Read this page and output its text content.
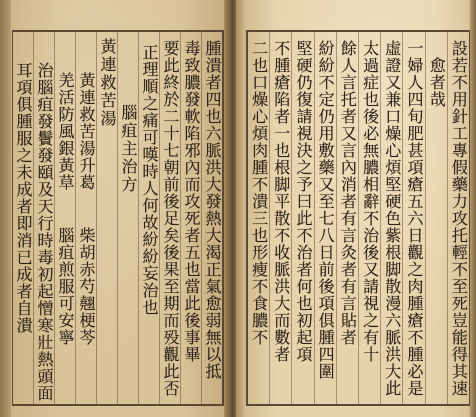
腫潰者四也六脈洪大發熱大渴正氣愈弱無以抵
毒致膿發軟陷邪內而攻死者五也當此後事畢
要此終於二十七朝前後足矣後果至期而殁觀此否
正理順之痛可嘆時人何故紛紛妄治也
腦疽主治方
黃連救苦湯
黃連救苦湯升葛
柴胡赤芍翹梗芩
羌活防風銀黃草
腦疽煎服可安寧
治腦疽發鬢發頤及天行時毒初起憎寒壯熱頭面
耳項俱腫服之未成者即消已成者自潰	設若不用針工專假藥力攻托輕不至死豈能得其速
愈者哉
一婦人四旬肥甚項瘡五六日觀之肉腫瘡不腫必是
虛證又兼口燥心煩堅硬色紫根脚散漫六脈洪大此
太過症也後必無膿相辭不治後又請視之有十
餘人言托者又言內消者有言灸者有言貼者
紛紛不定仍用敷藥又至七八日前後項俱腫四圍
堅硬仍復請視決之予曰此不治者何也初起項
不腫瘡陷者一也根脚平散不收脈洪大而數者
二也口燥心煩肉腫不潰三也形瘦不食膿不
